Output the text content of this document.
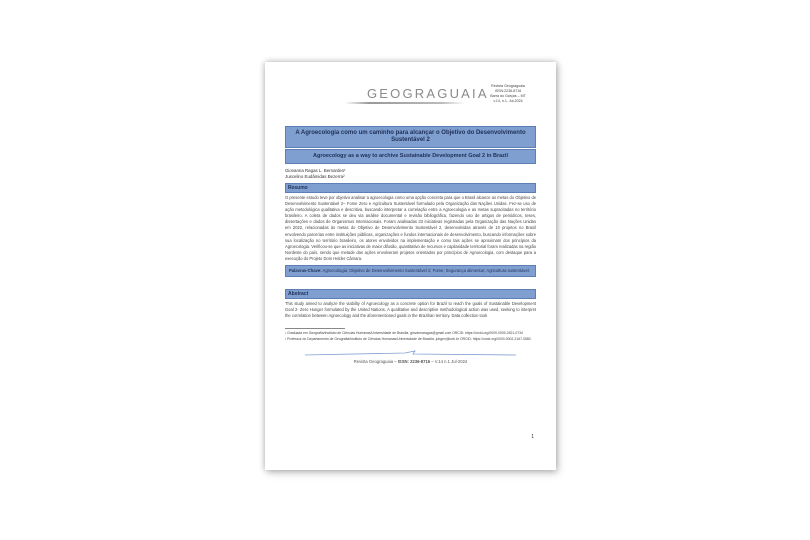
GEOGRAGUAIA Revista Geograguaia
ISSN:2236-8716
Barra do Garças – MT
v.14, n.1, Jul-2024
A Agroecologia como um caminho para alcançar o Objetivo do Desenvolvimento Sustentável 2
Agroecology as a way to archive Sustainable Development Goal 2 in Brazil
Giovanna Ragas L. Bernardes¹
Juscelino Eudâmidas Bezerra²
Resumo
O presente estudo teve por objetivo analisar a agroecologia como uma opção concreta para que o Brasil alcance as metas do Objetivo de Desenvolvimento Sustentável 2– Fome Zero e Agricultura Sustentável formulado pela Organização das Nações Unidas. Fez-se uso de ação metodológica qualitativa e descritiva, buscando interpretar a correlação entre a Agroecologia e as metas supracitadas no território brasileiro. A coleta de dados se deu via análise documental e revisão bibliográfica, fazendo uso de artigos de periódicos, teses, dissertações e dados de Organismos Internacionais. Foram analisadas 33 iniciativas registradas pela Organização das Nações Unidas em 2022, relacionadas às metas do Objetivo de Desenvolvimento Sustentável 2, desenvolvidas através de 10 projetos no Brasil envolvendo parcerias entre instituições públicas, organizações e fundos internacionais de desenvolvimento, buscando informações sobre sua localização no território brasileiro, os atores envolvidos na implementação e como tais ações se aproximam dos princípios da Agroecologia. Verificou-se que as iniciativas de maior difusão, quantitativo de recursos e capilaridade territorial foram realizadas na região Nordeste do país, sendo que metade das ações envolveram projetos orientados por princípios de Agroecologia, com destaque para a execução do Projeto Dom Helder Câmara.
Palavras-Chave: Agroecologia; Objetivo de Desenvolvimento Sustentável 2; Fome; Segurança alimentar; Agricultura sustentável.
Abstract
This study aimed to analyze the viability of Agroecology as a concrete option for Brazil to reach the goals of Sustainable Development Goal 2- Zero Hunger formulated by the United Nations. A qualitative and descriptive methodological action was used, seeking to interpret the correlation between Agroecology and the aforementioned goals in the Brazilian territory. Data collection took

¹ Graduada em Geografia/Instituto de Ciências Humanas/Universidade de Brasília. giovannaragas@gmail.com ORCID: https://orcid.org/0009-0009-2821-0734

² Professor do Departamento de Geografia/Instituto de Ciências Humanas/Universidade de Brasília. jubgeo@unb.br ORCID: https://orcid.org/0000-0002-2167-0580

Revista Geograguaia – ISSN: 2236-8716 – V.14 n.1 Jul-2024
1
